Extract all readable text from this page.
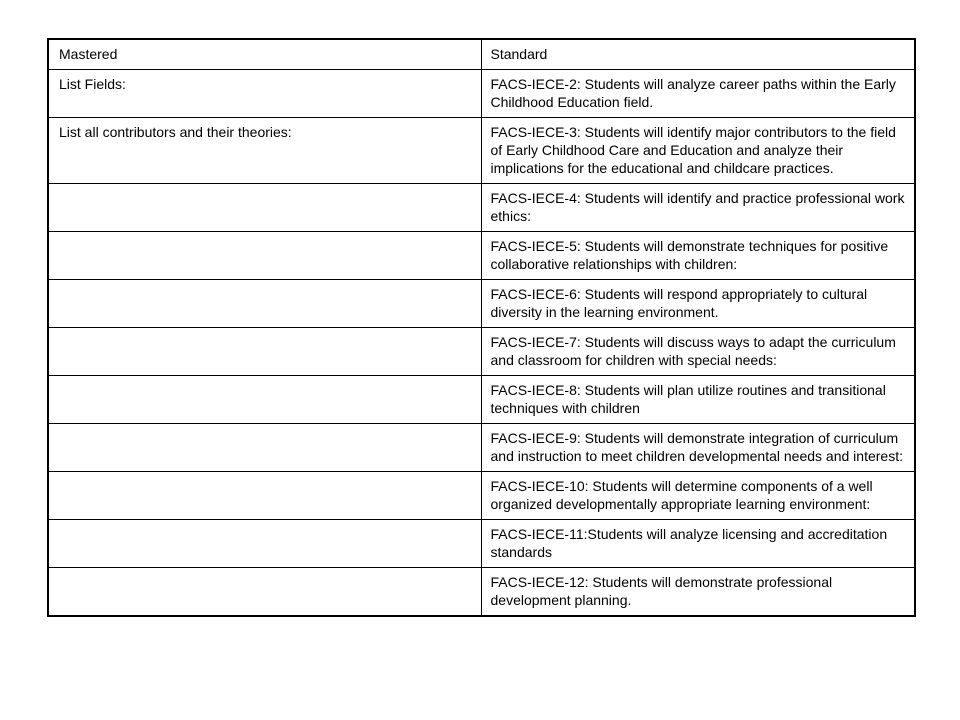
Mastered	Standard
List Fields:	FACS-IECE-2: Students will analyze career paths within the Early Childhood Education field.
List all contributors and their theories:	FACS-IECE-3: Students will identify major contributors to the field of Early Childhood Care and Education and analyze their implications for the educational and childcare practices.
	FACS-IECE-4: Students will identify and practice professional work ethics:
	FACS-IECE-5: Students will demonstrate techniques for positive collaborative relationships with children:
	FACS-IECE-6: Students will respond appropriately to cultural diversity in the learning environment.
	FACS-IECE-7: Students will discuss ways to adapt the curriculum and classroom for children with special needs:
	FACS-IECE-8: Students will plan utilize routines and transitional techniques with children
	FACS-IECE-9: Students will demonstrate integration of curriculum and instruction to meet children developmental needs and interest:
	FACS-IECE-10: Students will determine components of a well organized developmentally appropriate learning environment:
	FACS-IECE-11:Students will analyze licensing and accreditation standards
	FACS-IECE-12: Students will demonstrate professional development planning.
